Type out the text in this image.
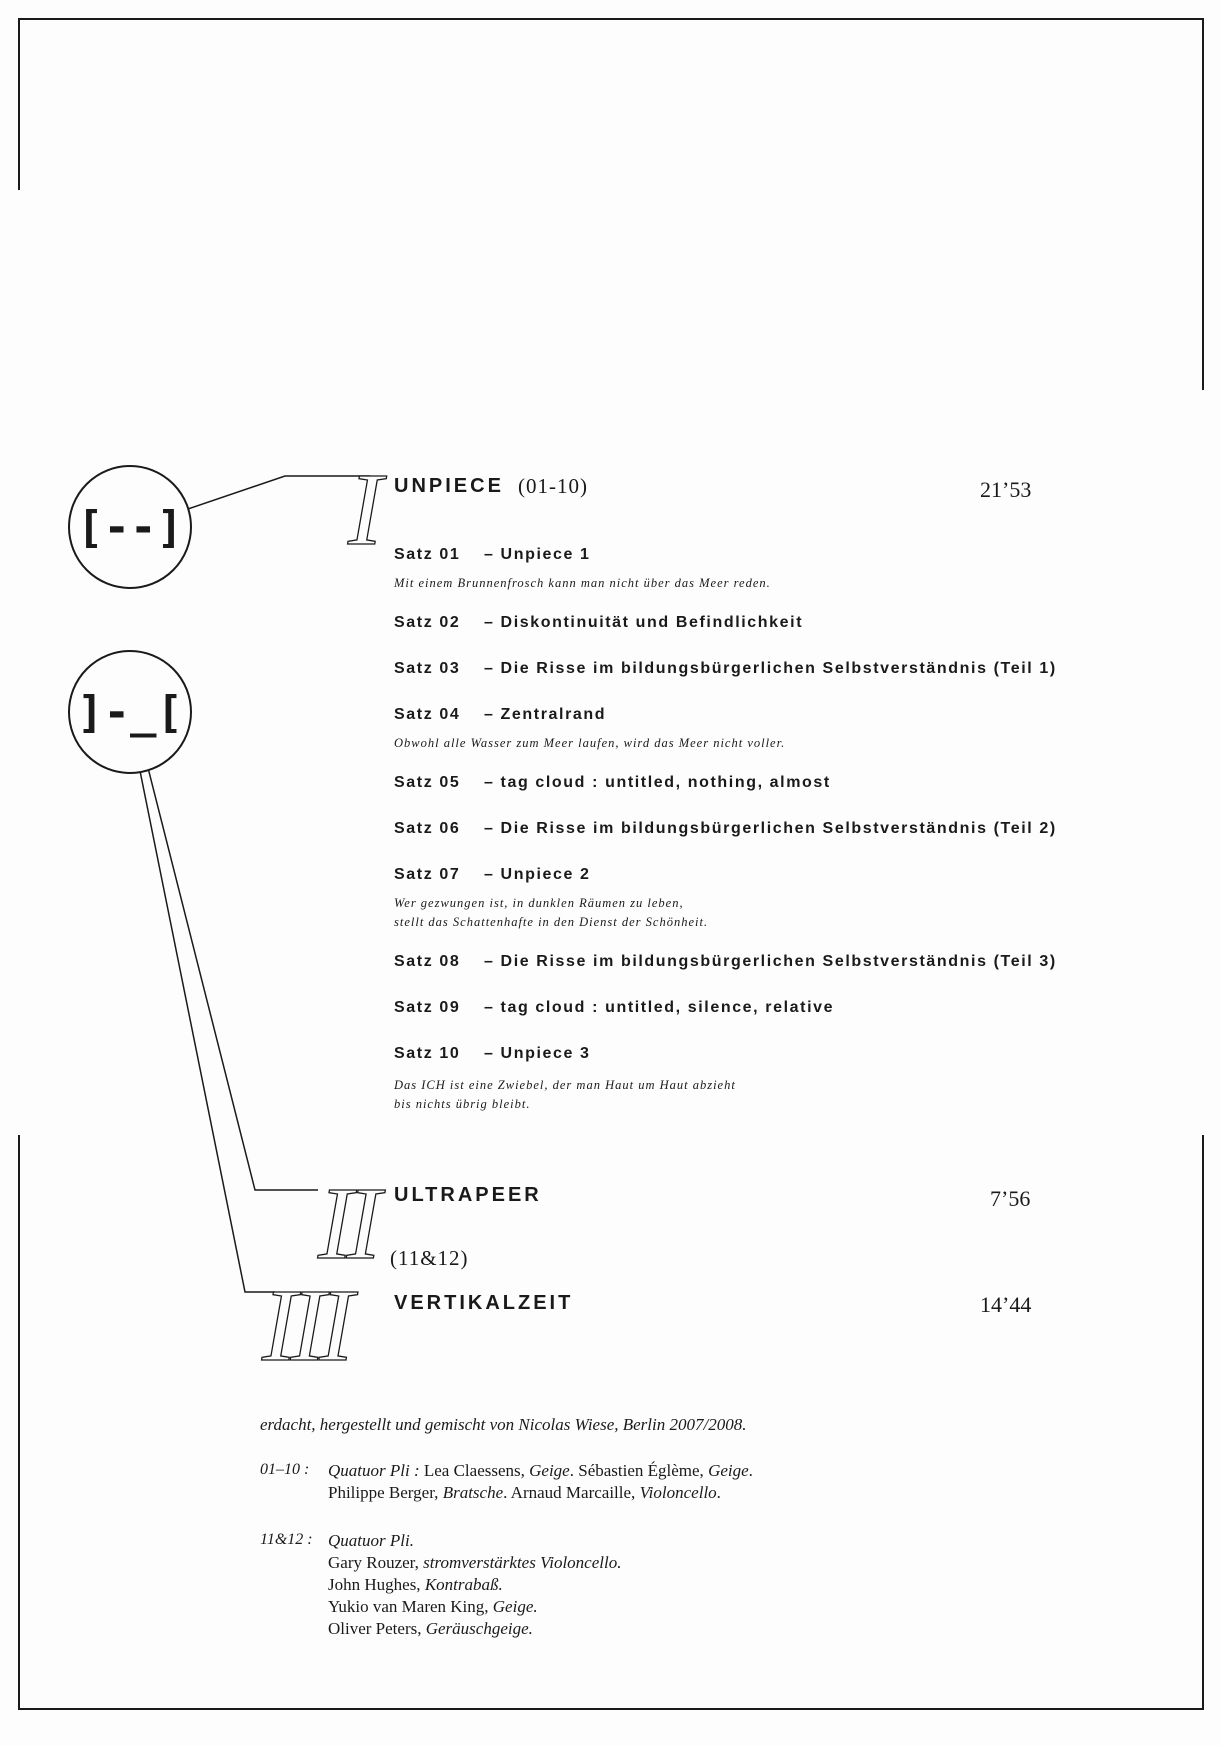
[--]
]-_[
I UNPIECE (01-10)	21’53
Satz 01 – Unpiece 1
Mit einem Brunnenfrosch kann man nicht über das Meer reden.
Satz 02 – Diskontinuität und Befindlichkeit
Satz 03 – Die Risse im bildungsbürgerlichen Selbstverständnis (Teil 1)
Satz 04 – Zentralrand
Obwohl alle Wasser zum Meer laufen, wird das Meer nicht voller.
Satz 05 – tag cloud : untitled, nothing, almost
Satz 06 – Die Risse im bildungsbürgerlichen Selbstverständnis (Teil 2)
Satz 07 – Unpiece 2
Wer gezwungen ist, in dunklen Räumen zu leben,
stellt das Schattenhafte in den Dienst der Schönheit.
Satz 08 – Die Risse im bildungsbürgerlichen Selbstverständnis (Teil 3)
Satz 09 – tag cloud : untitled, silence, relative
Satz 10 – Unpiece 3
Das ICH ist eine Zwiebel, der man Haut um Haut abzieht
bis nichts übrig bleibt.
II ULTRAPEER
(11&12)
7’56
III VERTIKALZEIT	14’44
erdacht, hergestellt und gemischt von Nicolas Wiese, Berlin 2007/2008.
01–10 : Quatuor Pli : Lea Claessens, Geige. Sébastien Églème, Geige.
Philippe Berger, Bratsche. Arnaud Marcaille, Violoncello.
11&12 : Quatuor Pli.
Gary Rouzer, stromverstärktes Violoncello.
John Hughes, Kontrabaß.
Yukio van Maren King, Geige.
Oliver Peters, Geräuschgeige.
